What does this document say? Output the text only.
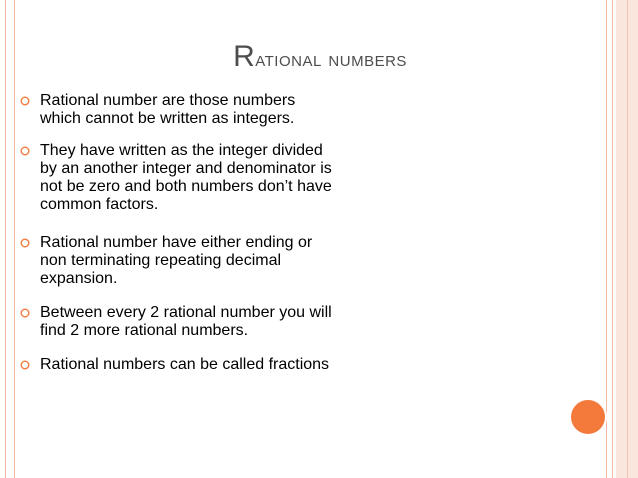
Rational numbers
Rational number are those numbers which cannot be written as integers.
They have written as the integer divided by an another integer and denominator is not be zero and both numbers don’t have common factors.
Rational number have either ending or non terminating repeating decimal expansion.
Between every 2 rational number you will find 2 more rational numbers.
Rational numbers can be called fractions
